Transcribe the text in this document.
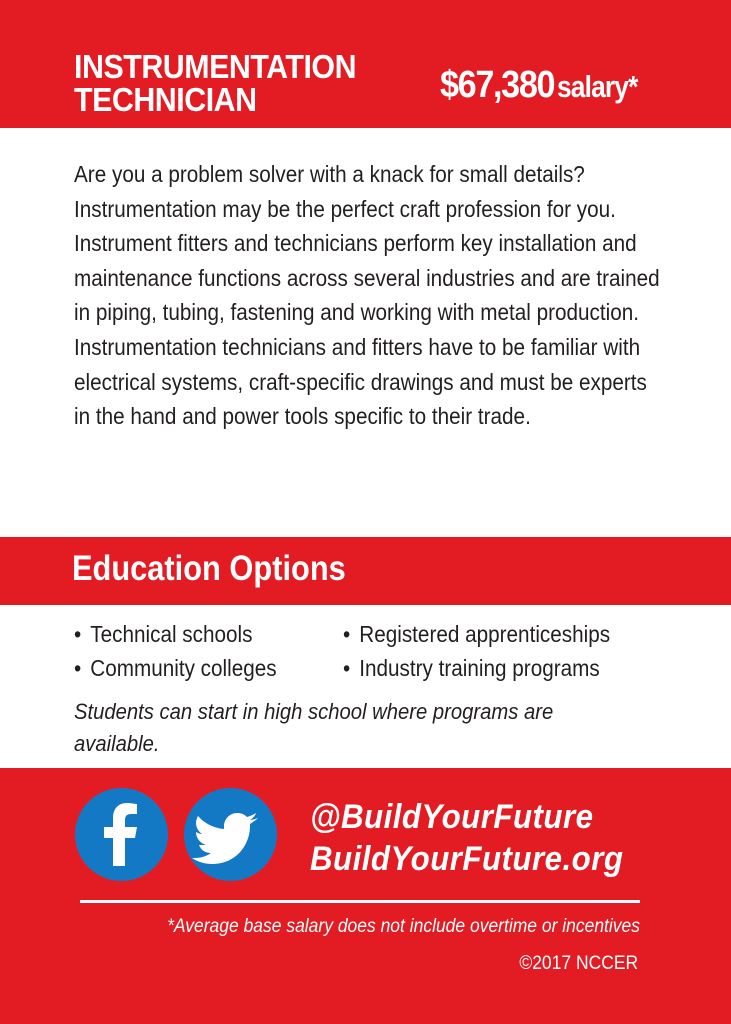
INSTRUMENTATION
TECHNICIAN	$67,380 salary*

Are you a problem solver with a knack for small details? Instrumentation may be the perfect craft profession for you. Instrument fitters and technicians perform key installation and maintenance functions across several industries and are trained in piping, tubing, fastening and working with metal production. Instrumentation technicians and fitters have to be familiar with electrical systems, craft-specific drawings and must be experts in the hand and power tools specific to their trade.

Education Options
• Technical schools
• Community colleges
• Registered apprenticeships
• Industry training programs

Students can start in high school where programs are available.

@BuildYourFuture
BuildYourFuture.org
*Average base salary does not include overtime or incentives
©2017 NCCER
